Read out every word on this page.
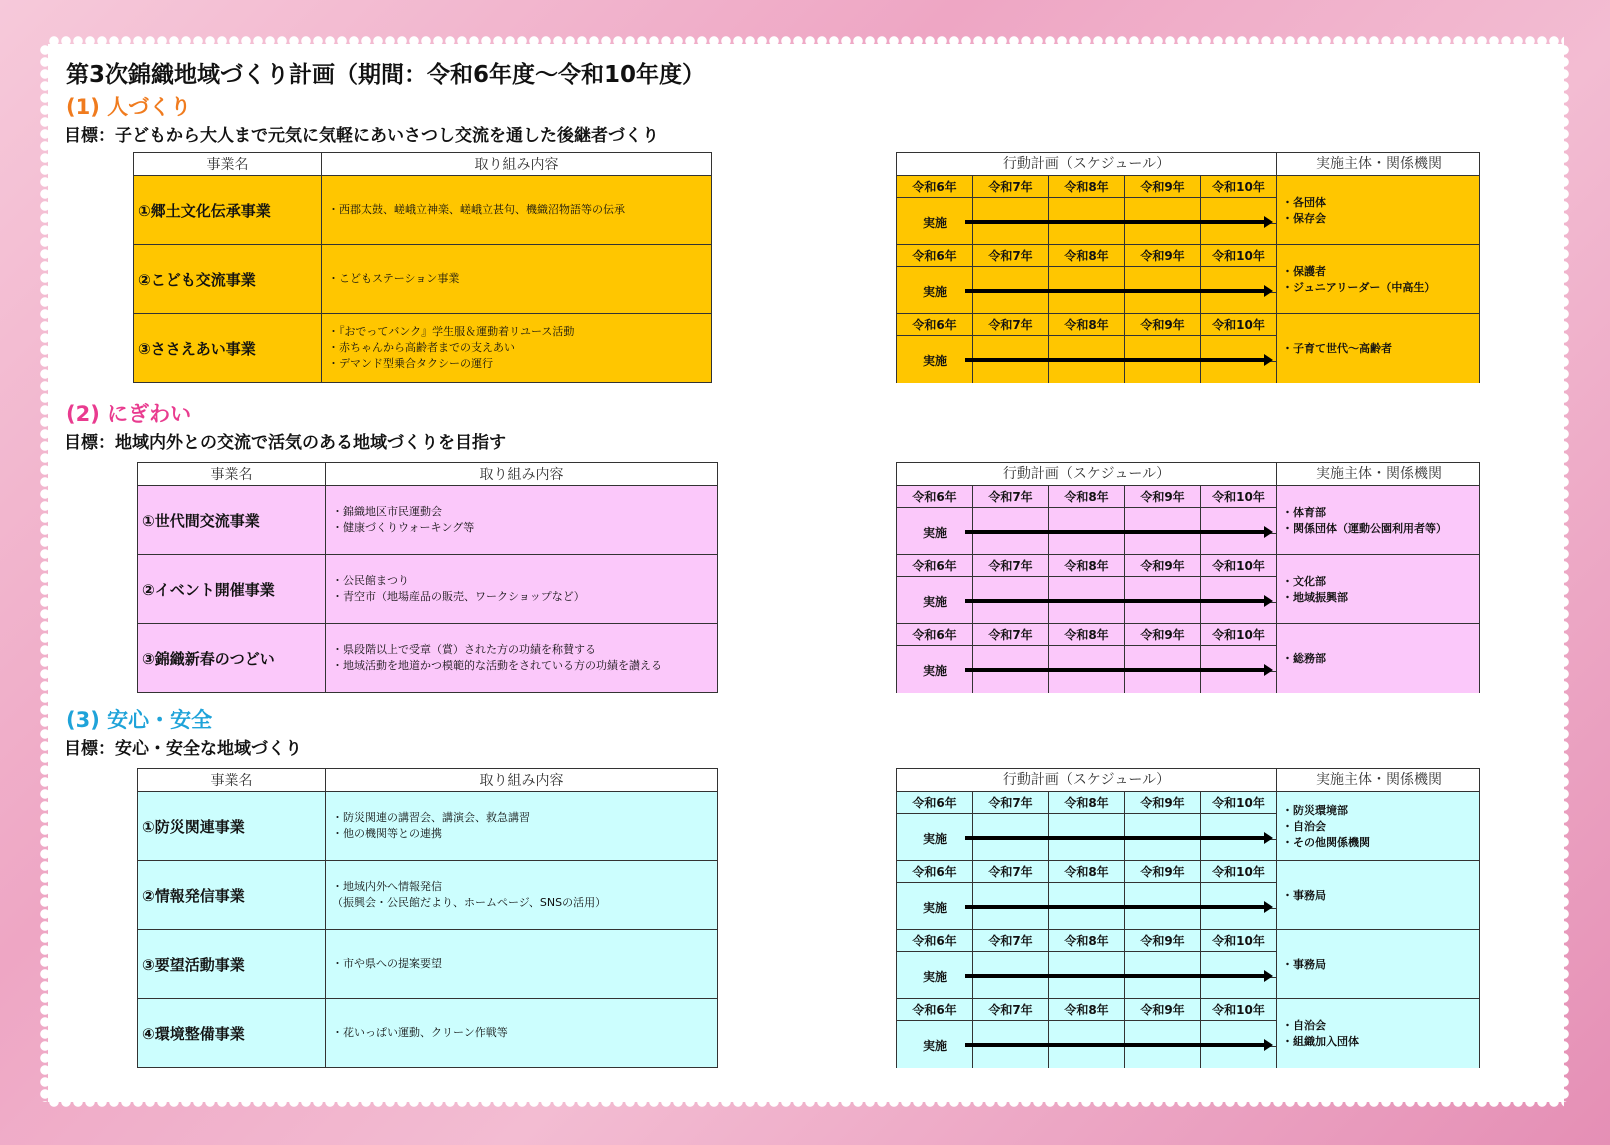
第3次錦織地域づくり計画（期間：令和6年度～令和10年度）
(1) 人づくり
目標：子どもから大人まで元気に気軽にあいさつし交流を通した後継者づくり
事業名	取り組み内容
①郷土文化伝承事業	・西郡太鼓、嵯峨立神楽、嵯峨立甚句、機織沼物語等の伝承

②こども交流事業	・こどもステーション事業

③ささえあい事業	・『おでってバンク』学生服＆運動着リユース活動
・赤ちゃんから高齢者までの支えあい
・デマンド型乗合タクシーの運行
行動計画（スケジュール）	実施主体・関係機関
令和6年	令和7年	令和8年	令和9年	令和10年
実施
・各団体
・保存会
令和6年	令和7年	令和8年	令和9年	令和10年
実施
・保護者
・ジュニアリーダー（中高生）
令和6年	令和7年	令和8年	令和9年	令和10年
実施
・子育て世代～高齢者
(2) にぎわい
目標：地域内外との交流で活気のある地域づくりを目指す
事業名	取り組み内容
①世代間交流事業	・錦織地区市民運動会
・健康づくりウォーキング等

②イベント開催事業	・公民館まつり
・青空市（地場産品の販売、ワークショップなど）

③錦織新春のつどい	・県段階以上で受章（賞）された方の功績を称賛する
・地域活動を地道かつ模範的な活動をされている方の功績を讃える
行動計画（スケジュール）	実施主体・関係機関
令和6年	令和7年	令和8年	令和9年	令和10年
実施
・体育部
・関係団体（運動公園利用者等）
令和6年	令和7年	令和8年	令和9年	令和10年
実施
・文化部
・地域振興部
令和6年	令和7年	令和8年	令和9年	令和10年
実施
・総務部
(3) 安心・安全
目標：安心・安全な地域づくり
事業名	取り組み内容
①防災関連事業	・防災関連の講習会、講演会、救急講習
・他の機関等との連携

②情報発信事業	・地域内外へ情報発信
（振興会・公民館だより、ホームページ、SNSの活用）

③要望活動事業	・市や県への提案要望

④環境整備事業	・花いっぱい運動、クリーン作戦等
行動計画（スケジュール）	実施主体・関係機関
令和6年	令和7年	令和8年	令和9年	令和10年
実施
・防災環境部
・自治会
・その他関係機関
令和6年	令和7年	令和8年	令和9年	令和10年
実施
・事務局
令和6年	令和7年	令和8年	令和9年	令和10年
実施
・事務局
令和6年	令和7年	令和8年	令和9年	令和10年
実施
・自治会
・組織加入団体
